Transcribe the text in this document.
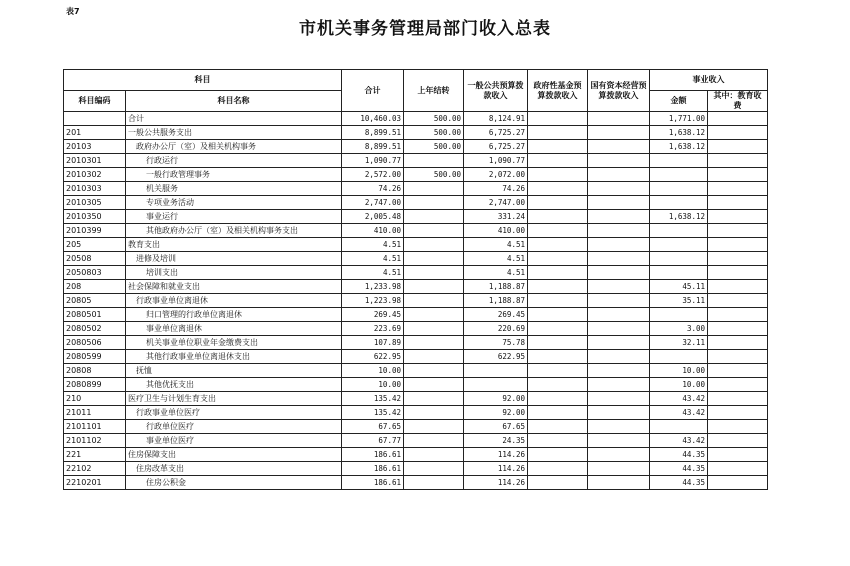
表7
市机关事务管理局部门收入总表
科目		合计	上年结转	一般公共预算拨款收入	政府性基金预算拨款收入	国有资本经营预算拨款收入	事业收入	
科目编码	科目名称						金额	其中：教育收费
	合计	10,460.03	500.00	8,124.91			1,771.00	
201	一般公共服务支出	8,899.51	500.00	6,725.27			1,638.12	
20103	政府办公厅（室）及相关机构事务	8,899.51	500.00	6,725.27			1,638.12	
2010301	行政运行	1,090.77		1,090.77				
2010302	一般行政管理事务	2,572.00	500.00	2,072.00				
2010303	机关服务	74.26		74.26				
2010305	专项业务活动	2,747.00		2,747.00				
2010350	事业运行	2,005.48		331.24			1,638.12	
2010399	其他政府办公厅（室）及相关机构事务支出	410.00		410.00				
205	教育支出	4.51		4.51				
20508	进修及培训	4.51		4.51				
2050803	培训支出	4.51		4.51				
208	社会保障和就业支出	1,233.98		1,188.87			45.11	
20805	行政事业单位离退休	1,223.98		1,188.87			35.11	
2080501	归口管理的行政单位离退休	269.45		269.45				
2080502	事业单位离退休	223.69		220.69			3.00	
2080506	机关事业单位职业年金缴费支出	107.89		75.78			32.11	
2080599	其他行政事业单位离退休支出	622.95		622.95				
20808	抚恤	10.00					10.00	
2080899	其他优抚支出	10.00					10.00	
210	医疗卫生与计划生育支出	135.42		92.00			43.42	
21011	行政事业单位医疗	135.42		92.00			43.42	
2101101	行政单位医疗	67.65		67.65				
2101102	事业单位医疗	67.77		24.35			43.42	
221	住房保障支出	186.61		114.26			44.35	
22102	住房改革支出	186.61		114.26			44.35	
2210201	住房公积金	186.61		114.26			44.35	
